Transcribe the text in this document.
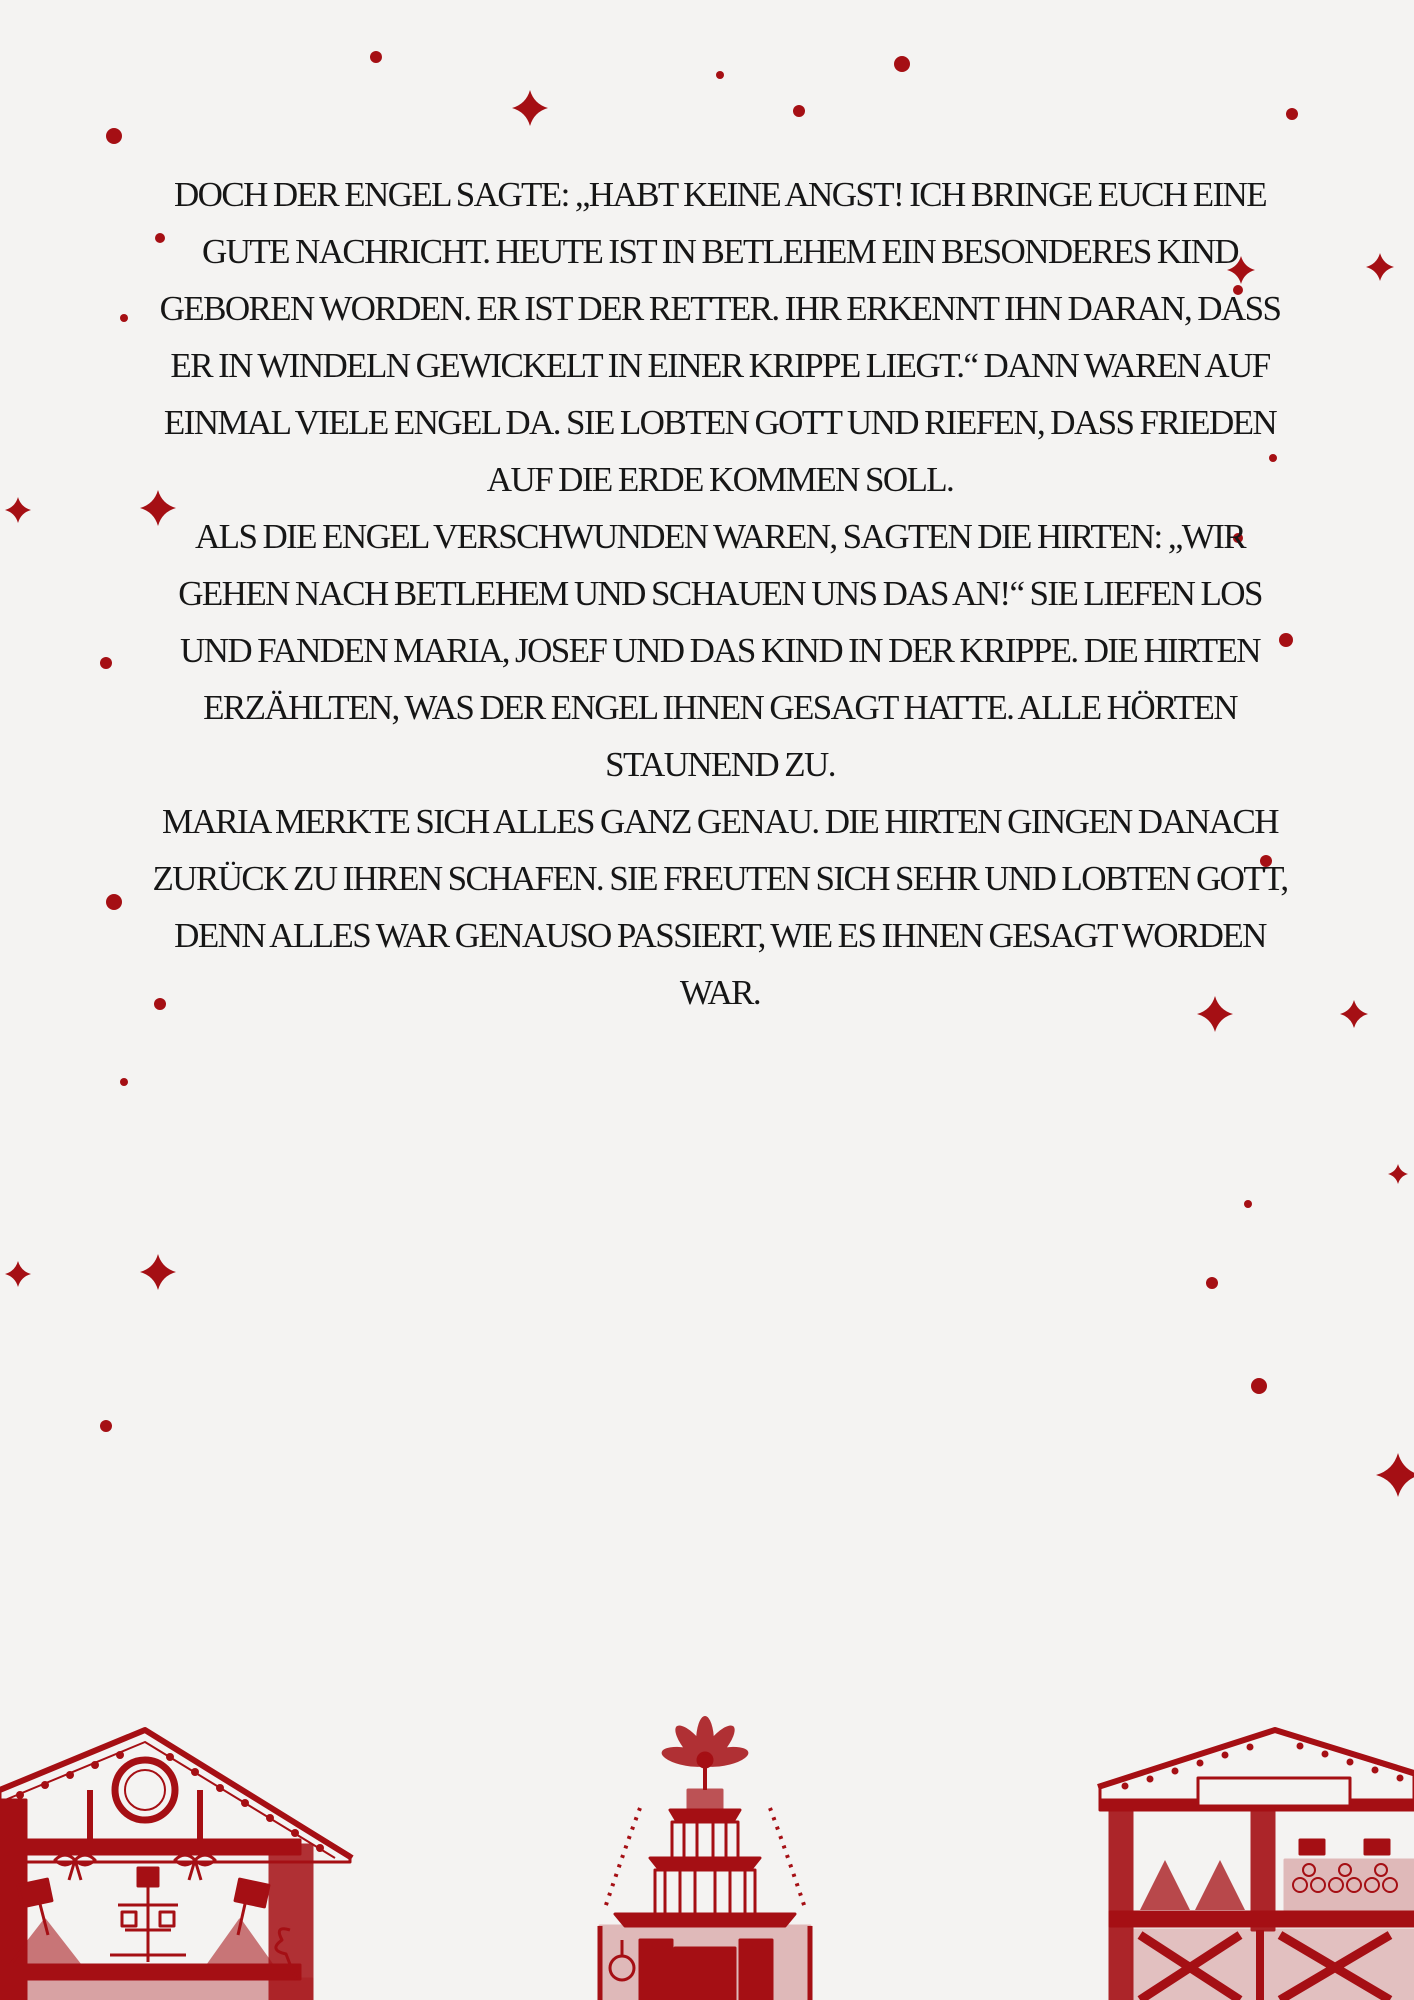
DOCH DER ENGEL SAGTE: „HABT KEINE ANGST! ICH BRINGE EUCH EINE GUTE NACHRICHT. HEUTE IST IN BETLEHEM EIN BESONDERES KIND GEBOREN WORDEN. ER IST DER RETTER. IHR ERKENNT IHN DARAN, DASS ER IN WINDELN GEWICKELT IN EINER KRIPPE LIEGT.“ DANN WAREN AUF EINMAL VIELE ENGEL DA. SIE LOBTEN GOTT UND RIEFEN, DASS FRIEDEN AUF DIE ERDE KOMMEN SOLL.

ALS DIE ENGEL VERSCHWUNDEN WAREN, SAGTEN DIE HIRTEN: „WIR GEHEN NACH BETLEHEM UND SCHAUEN UNS DAS AN!“ SIE LIEFEN LOS UND FANDEN MARIA, JOSEF UND DAS KIND IN DER KRIPPE. DIE HIRTEN ERZÄHLTEN, WAS DER ENGEL IHNEN GESAGT HATTE. ALLE HÖRTEN STAUNEND ZU.

MARIA MERKTE SICH ALLES GANZ GENAU. DIE HIRTEN GINGEN DANACH ZURÜCK ZU IHREN SCHAFEN. SIE FREUTEN SICH SEHR UND LOBTEN GOTT, DENN ALLES WAR GENAUSO PASSIERT, WIE ES IHNEN GESAGT WORDEN WAR.
